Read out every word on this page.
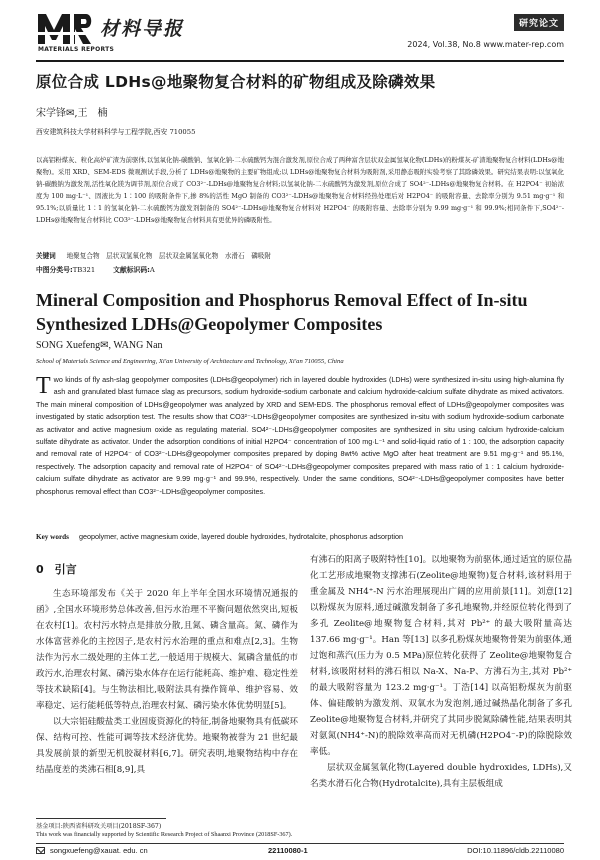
材料导报
MATERIALS REPORTS
研究论文
2024, Vol.38, No.8 www.mater-rep.com
原位合成 LDHs@地聚物复合材料的矿物组成及除磷效果
宋学锋✉,王　楠
西安建筑科技大学材料科学与工程学院,西安 710055
以高铝粉煤灰、粒化高炉矿渣为前驱体,以氢氧化钠-碳酸钠、氢氧化钠-二水硫酸钙为混合激发剂,原位合成了两种富含层状双金属氢氧化物(LDHs)的粉煤灰-矿渣地聚物复合材料(LDHs@地聚物)。采用 XRD、SEM-EDS 微观测试手段,分析了 LDHs@地聚物的主要矿物组成;以 LDHs@地聚物复合材料为吸附剂,采用静态吸附实验考察了其除磷效果。研究结果表明:以氢氧化钠-碳酸钠为激发剂,活性氧化镁为调节剂,原位合成了 CO3²⁻-LDHs@地聚物复合材料;以氢氧化钠-二水硫酸钙为激发剂,原位合成了 SO4²⁻-LDHs@地聚物复合材料。在 H2PO4⁻ 初始浓度为 100 mg·L⁻¹、固液比为 1∶100 的吸附条件下,掺 8%的活性 MgO 制备的 CO3²⁻-LDHs@地聚物复合材料经热处理后对 H2PO4⁻ 的吸附容量、去除率分别为 9.51 mg·g⁻¹ 和 95.1%;以质量比 1∶1 的氢氧化钠-二水硫酸钙为激发剂制备的 SO4²⁻-LDHs@地聚物复合材料对 H2PO4⁻ 的吸附容量、去除率分别为 9.99 mg·g⁻¹ 和 99.9%;相同条件下,SO4²⁻-LDHs@地聚物复合材料比 CO3²⁻-LDHs@地聚物复合材料具有更优异的磷吸附性。
关键词 　 地聚复合物　层状双氢氧化物　层状双金属氢氧化物　水滑石　磷吸附
中图分类号:TB321 　　	文献标识码:A
Mineral Composition and Phosphorus Removal Effect of In-situ Synthesized LDHs@Geopolymer Composites
SONG Xuefeng✉, WANG Nan
School of Materials Science and Engineering, Xi'an University of Architecture and Technology, Xi'an 710055, China
Two kinds of fly ash-slag geopolymer composites (LDHs@geopolymer) rich in layered double hydroxides (LDHs) were synthesized in-situ using high-alumina fly ash and granulated blast furnace slag as precursors, sodium hydroxide-sodium carbonate and calcium hydroxide-calcium sulfate dihydrate as mixed activators. The main mineral composition of LDHs@geopolymer was analyzed by XRD and SEM-EDS. The phosphorus removal effect of LDHs@geopolymer composites was investigated by static adsorption test. The results show that CO3²⁻-LDHs@geopolymer composites are synthesized in-situ with sodium hydroxide-sodium carbonate as activator and active magnesium oxide as regulating material. SO4²⁻-LDHs@geopolymer composites are synthesized in situ using calcium hydroxide-calcium sulfate dihydrate as activator. Under the adsorption conditions of initial H2PO4⁻ concentration of 100 mg·L⁻¹ and solid-liquid ratio of 1 : 100, the adsorption capacity and removal rate of H2PO4⁻ of CO3²⁻-LDHs@geopolymer composites prepared by doping 8wt% active MgO after heat treatment are 9.51 mg·g⁻¹ and 95.1%, respectively. The adsorption capacity and removal rate of H2PO4⁻ of SO4²⁻-LDHs@geopolymer composites prepared with mass ratio of 1 : 1 calcium hydroxide-calcium sulfate dihydrate as activator are 9.99 mg·g⁻¹ and 99.9%, respectively. Under the same conditions, SO4²⁻-LDHs@geopolymer composites have better phosphorus removal effect than CO3²⁻-LDHs@geopolymer composites.
Key words geopolymer, active magnesium oxide, layered double hydroxides, hydrotalcite, phosphorus adsorption
0　引言

生态环境部发布《关于 2020 年上半年全国水环境情况通报的函》,全国水环境形势总体改善,但污水治理不平衡问题依然突出,短板在农村[1]。农村污水特点是排放分散,且氮、磷含量高。氮、磷作为水体富营养化的主控因子,是农村污水治理的重点和难点[2,3]。生物法作为污水二级处理的主体工艺,一般适用于规模大、氮磷含量低的市政污水,治理农村氮、磷污染水体存在运行能耗高、维护难、稳定性差等技术缺陷[4]。与生物法相比,吸附法具有操作简单、维护容易、效率稳定、运行能耗低等特点,治理农村氮、磷污染水体优势明显[5]。

以大宗铝硅酸盐类工业固废资源化的特征,制备地聚物具有低碳环保、结构可控、性能可调等技术经济优势。地聚物被誉为 21 世纪最具发展前景的新型无机胶凝材料[6,7]。研究表明,地聚物结构中存在结晶度差的类沸石相[8,9],具

有沸石的阳离子吸附特性[10]。以地聚物为前驱体,通过适宜的原位晶化工艺形成地聚物支撑沸石(Zeolite@地聚物)复合材料,该材料用于重金属及 NH4⁺-N 污水治理展现出广阔的应用前景[11]。刘意[12] 以粉煤灰为原料,通过碱激发制备了多孔地聚物,并经原位转化得到了多孔 Zeolite@地聚物复合材料,其对 Pb²⁺ 的最大吸附量高达 137.66 mg·g⁻¹。Han 等[13] 以多孔粉煤灰地聚物骨架为前驱体,通过饱和蒸汽(压力为 0.5 MPa)原位转化获得了 Zeolite@地聚物复合材料,该吸附材料的沸石相以 Na-X、Na-P、方沸石为主,其对 Pb²⁺ 的最大吸附容量为 123.2 mg·g⁻¹。丁浩[14] 以高铝粉煤灰为前驱体、偏硅酸钠为激发剂、双氧水为发泡剂,通过碱热晶化制备了多孔 Zeolite@地聚物复合材料,并研究了其同步脱氮除磷性能,结果表明其对氨氮(NH4⁺-N)的脱除效率高而对无机磷(H2PO4⁻-P)的除脱除效率低。

层状双金属氢氧化物(Layered double hydroxides, LDHs),又名类水滑石化合物(Hydrotalcite),具有主层板组成

基金项目:陕西省科研攻关项目(2018SF-367)
This work was financially supported by Scientific Research Project of Shaanxi Province (2018SF-367).
songxuefeng@xauat. edu. cn	22110080-1	DOI:10.11896/cldb.22110080
